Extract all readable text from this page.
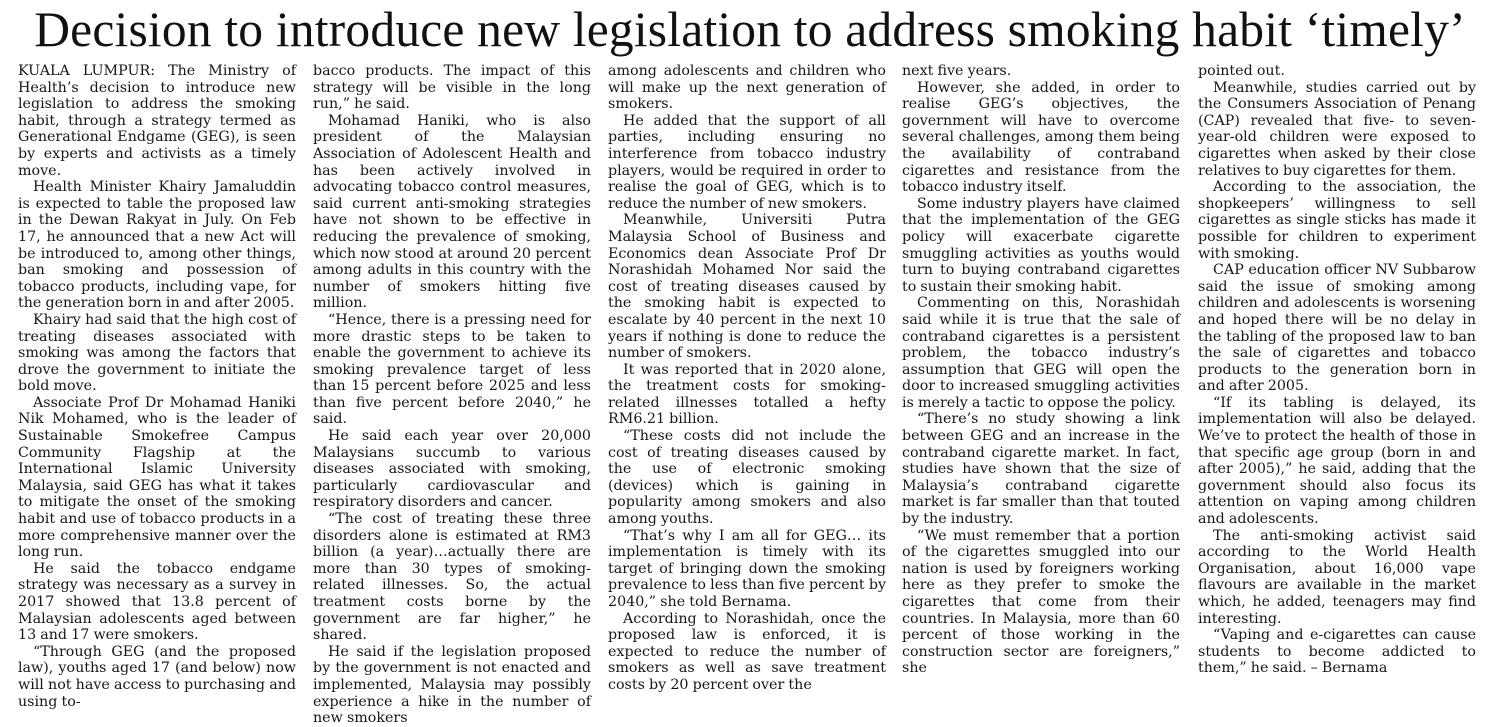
Decision to introduce new legislation to address smoking habit ‘timely’

KUALA LUMPUR: The Ministry of Health’s decision to introduce new legislation to address the smoking habit, through a strategy termed as Generational Endgame (GEG), is seen by experts and activists as a timely move.

Health Minister Khairy Jamaluddin is expected to table the proposed law in the Dewan Rakyat in July. On Feb 17, he announced that a new Act will be introduced to, among other things, ban smoking and possession of tobacco products, including vape, for the generation born in and after 2005.

Khairy had said that the high cost of treating diseases associated with smoking was among the factors that drove the government to initiate the bold move.

Associate Prof Dr Mohamad Haniki Nik Mohamed, who is the leader of Sustainable Smokefree Campus Community Flagship at the International Islamic University Malaysia, said GEG has what it takes to mitigate the onset of the smoking habit and use of tobacco products in a more comprehensive manner over the long run.

He said the tobacco endgame strategy was necessary as a survey in 2017 showed that 13.8 percent of Malaysian adolescents aged between 13 and 17 were smokers.

“Through GEG (and the proposed law), youths aged 17 (and below) now will not have access to purchasing and using to-

bacco products. The impact of this strategy will be visible in the long run,” he said.

Mohamad Haniki, who is also president of the Malaysian Association of Adolescent Health and has been actively involved in advocating tobacco control measures, said current anti-smoking strategies have not shown to be effective in reducing the prevalence of smoking, which now stood at around 20 percent among adults in this country with the number of smokers hitting five million.

“Hence, there is a pressing need for more drastic steps to be taken to enable the government to achieve its smoking prevalence target of less than 15 percent before 2025 and less than five percent before 2040,” he said.

He said each year over 20,000 Malaysians succumb to various diseases associated with smoking, particularly cardiovascular and respiratory disorders and cancer.

“The cost of treating these three disorders alone is estimated at RM3 billion (a year)…actually there are more than 30 types of smoking-related illnesses. So, the actual treatment costs borne by the government are far higher,” he shared.

He said if the legislation proposed by the government is not enacted and implemented, Malaysia may possibly experience a hike in the number of new smokers

among adolescents and children who will make up the next generation of smokers.

He added that the support of all parties, including ensuring no interference from tobacco industry players, would be required in order to realise the goal of GEG, which is to reduce the number of new smokers.

Meanwhile, Universiti Putra Malaysia School of Business and Economics dean Associate Prof Dr Norashidah Mohamed Nor said the cost of treating diseases caused by the smoking habit is expected to escalate by 40 percent in the next 10 years if nothing is done to reduce the number of smokers.

It was reported that in 2020 alone, the treatment costs for smoking-related illnesses totalled a hefty RM6.21 billion.

“These costs did not include the cost of treating diseases caused by the use of electronic smoking (devices) which is gaining in popularity among smokers and also among youths.

“That’s why I am all for GEG… its implementation is timely with its target of bringing down the smoking prevalence to less than five percent by 2040,” she told Bernama.

According to Norashidah, once the proposed law is enforced, it is expected to reduce the number of smokers as well as save treatment costs by 20 percent over the

next five years.

However, she added, in order to realise GEG’s objectives, the government will have to overcome several challenges, among them being the availability of contraband cigarettes and resistance from the tobacco industry itself.

Some industry players have claimed that the implementation of the GEG policy will exacerbate cigarette smuggling activities as youths would turn to buying contraband cigarettes to sustain their smoking habit.

Commenting on this, Norashidah said while it is true that the sale of contraband cigarettes is a persistent problem, the tobacco industry’s assumption that GEG will open the door to increased smuggling activities is merely a tactic to oppose the policy.

“There’s no study showing a link between GEG and an increase in the contraband cigarette market. In fact, studies have shown that the size of Malaysia’s contraband cigarette market is far smaller than that touted by the industry.

“We must remember that a portion of the cigarettes smuggled into our nation is used by foreigners working here as they prefer to smoke the cigarettes that come from their countries. In Malaysia, more than 60 percent of those working in the construction sector are foreigners,” she

pointed out.

Meanwhile, studies carried out by the Consumers Association of Penang (CAP) revealed that five- to seven-year-old children were exposed to cigarettes when asked by their close relatives to buy cigarettes for them.

According to the association, the shopkeepers’ willingness to sell cigarettes as single sticks has made it possible for children to experiment with smoking.

CAP education officer NV Subbarow said the issue of smoking among children and adolescents is worsening and hoped there will be no delay in the tabling of the proposed law to ban the sale of cigarettes and tobacco products to the generation born in and after 2005.

“If its tabling is delayed, its implementation will also be delayed. We’ve to protect the health of those in that specific age group (born in and after 2005),” he said, adding that the government should also focus its attention on vaping among children and adolescents.

The anti-smoking activist said according to the World Health Organisation, about 16,000 vape flavours are available in the market which, he added, teenagers may find interesting.

“Vaping and e-cigarettes can cause students to become addicted to them,” he said. – Bernama
